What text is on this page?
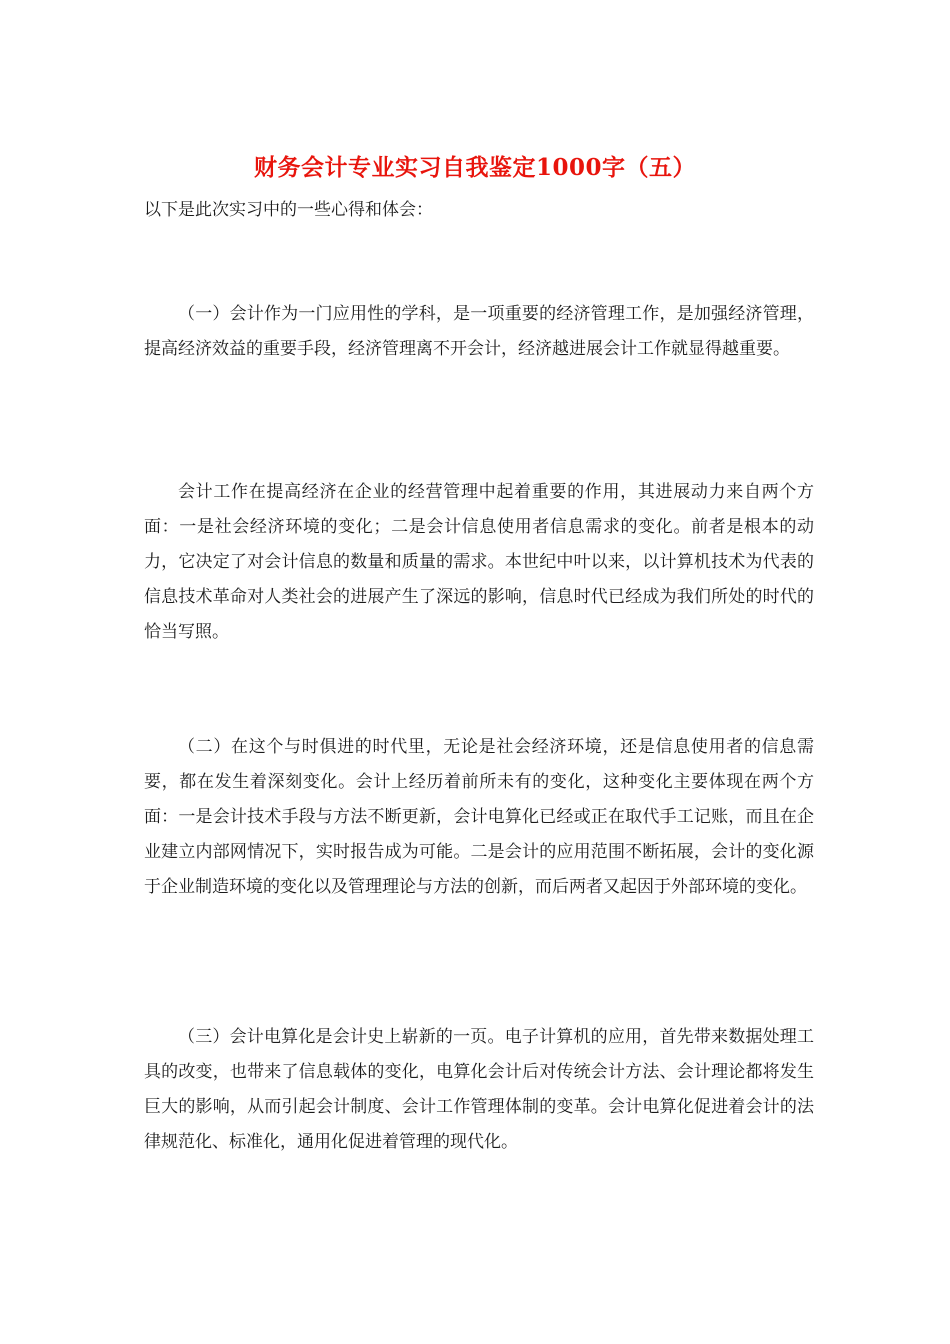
财务会计专业实习自我鉴定1000字（五）

以下是此次实习中的一些心得和体会：

（一）会计作为一门应用性的学科，是一项重要的经济管理工作，是加强经济管理，提高经济效益的重要手段，经济管理离不开会计，经济越进展会计工作就显得越重要。

会计工作在提高经济在企业的经营管理中起着重要的作用，其进展动力来自两个方面：一是社会经济环境的变化；二是会计信息使用者信息需求的变化。前者是根本的动力，它决定了对会计信息的数量和质量的需求。本世纪中叶以来，以计算机技术为代表的信息技术革命对人类社会的进展产生了深远的影响，信息时代已经成为我们所处的时代的恰当写照。

（二）在这个与时俱进的时代里，无论是社会经济环境，还是信息使用者的信息需要，都在发生着深刻变化。会计上经历着前所未有的变化，这种变化主要体现在两个方面：一是会计技术手段与方法不断更新，会计电算化已经或正在取代手工记账，而且在企业建立内部网情况下，实时报告成为可能。二是会计的应用范围不断拓展，会计的变化源于企业制造环境的变化以及管理理论与方法的创新，而后两者又起因于外部环境的变化。

（三）会计电算化是会计史上崭新的一页。电子计算机的应用，首先带来数据处理工具的改变，也带来了信息载体的变化，电算化会计后对传统会计方法、会计理论都将发生巨大的影响，从而引起会计制度、会计工作管理体制的变革。会计电算化促进着会计的法律规范化、标准化，通用化促进着管理的现代化。
